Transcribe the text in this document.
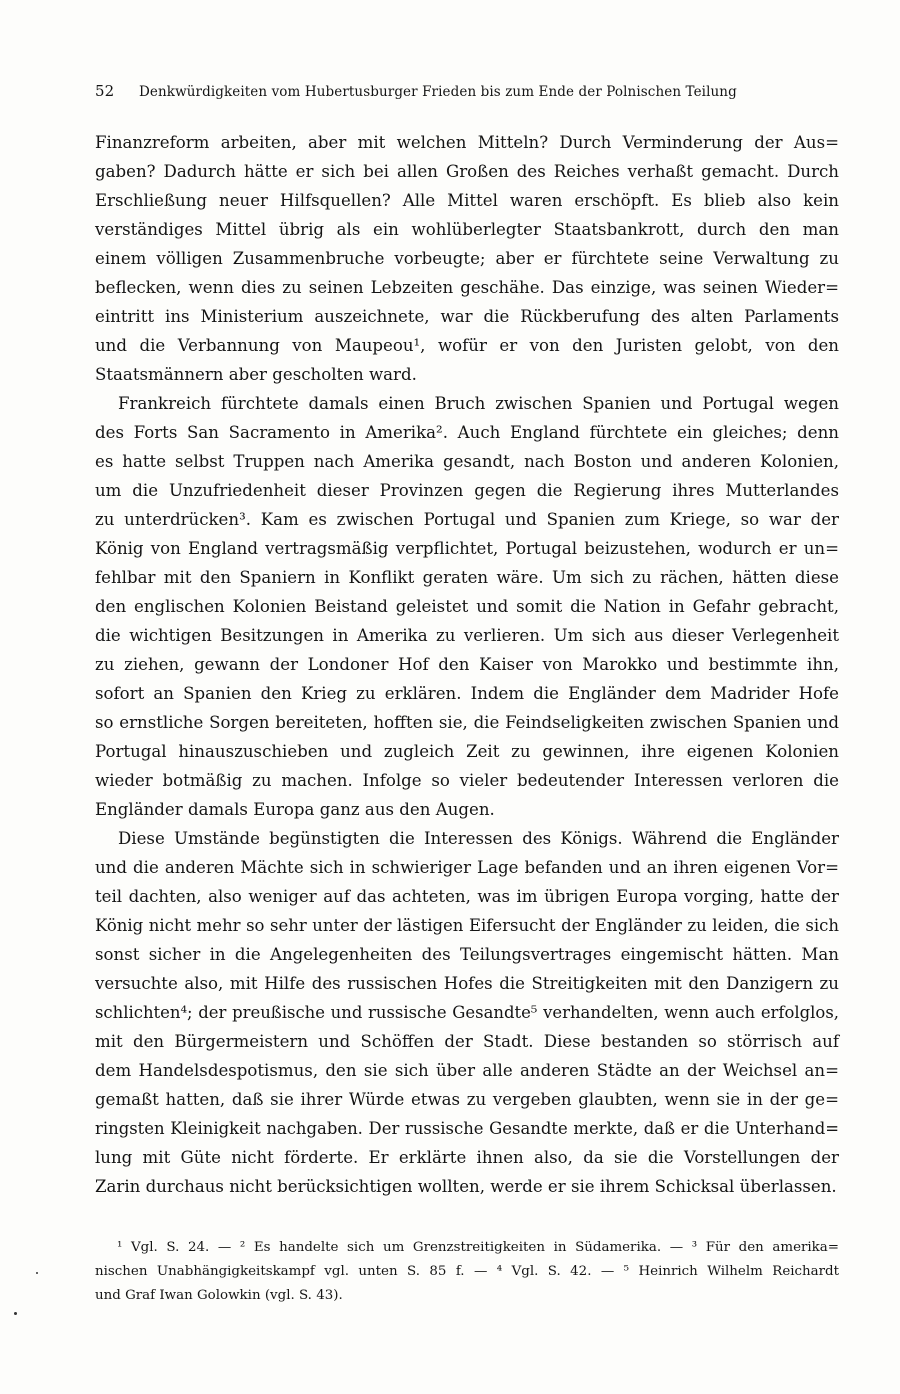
52	Denkwürdigkeiten vom Hubertusburger Frieden bis zum Ende der Polnischen Teilung
Finanzreform arbeiten, aber mit welchen Mitteln? Durch Verminderung der Aus=
gaben? Dadurch hätte er sich bei allen Großen des Reiches verhaßt gemacht. Durch
Erschließung neuer Hilfsquellen? Alle Mittel waren erschöpft. Es blieb also kein
verständiges Mittel übrig als ein wohlüberlegter Staatsbankrott, durch den man
einem völligen Zusammenbruche vorbeugte; aber er fürchtete seine Verwaltung zu
beflecken, wenn dies zu seinen Lebzeiten geschähe. Das einzige, was seinen Wieder=
eintritt ins Ministerium auszeichnete, war die Rückberufung des alten Parlaments
und die Verbannung von Maupeou¹, wofür er von den Juristen gelobt, von den
Staatsmännern aber gescholten ward.
Frankreich fürchtete damals einen Bruch zwischen Spanien und Portugal wegen
des Forts San Sacramento in Amerika². Auch England fürchtete ein gleiches; denn
es hatte selbst Truppen nach Amerika gesandt, nach Boston und anderen Kolonien,
um die Unzufriedenheit dieser Provinzen gegen die Regierung ihres Mutterlandes
zu unterdrücken³. Kam es zwischen Portugal und Spanien zum Kriege, so war der
König von England vertragsmäßig verpflichtet, Portugal beizustehen, wodurch er un=
fehlbar mit den Spaniern in Konflikt geraten wäre. Um sich zu rächen, hätten diese
den englischen Kolonien Beistand geleistet und somit die Nation in Gefahr gebracht,
die wichtigen Besitzungen in Amerika zu verlieren. Um sich aus dieser Verlegenheit
zu ziehen, gewann der Londoner Hof den Kaiser von Marokko und bestimmte ihn,
sofort an Spanien den Krieg zu erklären. Indem die Engländer dem Madrider Hofe
so ernstliche Sorgen bereiteten, hofften sie, die Feindseligkeiten zwischen Spanien und
Portugal hinauszuschieben und zugleich Zeit zu gewinnen, ihre eigenen Kolonien
wieder botmäßig zu machen. Infolge so vieler bedeutender Interessen verloren die
Engländer damals Europa ganz aus den Augen.
Diese Umstände begünstigten die Interessen des Königs. Während die Engländer
und die anderen Mächte sich in schwieriger Lage befanden und an ihren eigenen Vor=
teil dachten, also weniger auf das achteten, was im übrigen Europa vorging, hatte der
König nicht mehr so sehr unter der lästigen Eifersucht der Engländer zu leiden, die sich
sonst sicher in die Angelegenheiten des Teilungsvertrages eingemischt hätten. Man
versuchte also, mit Hilfe des russischen Hofes die Streitigkeiten mit den Danzigern zu
schlichten⁴; der preußische und russische Gesandte⁵ verhandelten, wenn auch erfolglos,
mit den Bürgermeistern und Schöffen der Stadt. Diese bestanden so störrisch auf
dem Handelsdespotismus, den sie sich über alle anderen Städte an der Weichsel an=
gemaßt hatten, daß sie ihrer Würde etwas zu vergeben glaubten, wenn sie in der ge=
ringsten Kleinigkeit nachgaben. Der russische Gesandte merkte, daß er die Unterhand=
lung mit Güte nicht förderte. Er erklärte ihnen also, da sie die Vorstellungen der
Zarin durchaus nicht berücksichtigen wollten, werde er sie ihrem Schicksal überlassen.
¹ Vgl. S. 24. — ² Es handelte sich um Grenzstreitigkeiten in Südamerika. — ³ Für den amerika=
nischen Unabhängigkeitskampf vgl. unten S. 85 f. — ⁴ Vgl. S. 42. — ⁵ Heinrich Wilhelm Reichardt
und Graf Iwan Golowkin (vgl. S. 43).
